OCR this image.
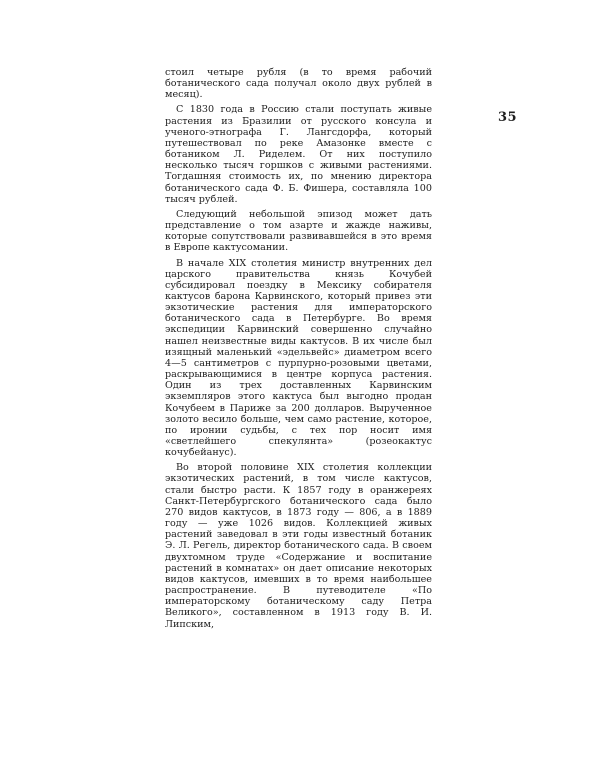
35

стоил четыре рубля (в то время рабочий ботанического сада получал около двух рублей в месяц).

С 1830 года в Россию стали поступать живые растения из Бразилии от русского консула и ученого-этнографа Г. Лангсдорфа, который путешествовал по реке Амазонке вместе с ботаником Л. Риделем. От них поступило несколько тысяч горшков с живыми растениями. Тогдашняя стоимость их, по мнению директора ботанического сада Ф. Б. Фишера, составляла 100 тысяч рублей.

Следующий небольшой эпизод может дать представление о том азарте и жажде наживы, которые сопутствовали развивавшейся в это время в Европе кактусомании.

В начале XIX столетия министр внутренних дел царского правительства князь Кочубей субсидировал поездку в Мексику собирателя кактусов барона Карвинского, который привез эти экзотические растения для императорского ботанического сада в Петербурге. Во время экспедиции Карвинский совершенно случайно нашел неизвестные виды кактусов. В их числе был изящный маленький «эдельвейс» диаметром всего 4—5 сантиметров с пурпурно-розовыми цветами, раскрывающимися в центре корпуса растения. Один из трех доставленных Карвинским экземпляров этого кактуса был выгодно продан Кочубеем в Париже за 200 долларов. Вырученное золото весило больше, чем само растение, которое, по иронии судьбы, с тех пор носит имя «светлейшего спекулянта» (розеокактус кочубейанус).

Во второй половине XIX столетия коллекции экзотических растений, в том числе кактусов, стали быстро расти. К 1857 году в оранжереях Санкт-Петербургского ботанического сада было 270 видов кактусов, в 1873 году — 806, а в 1889 году — уже 1026 видов. Коллекцией живых растений заведовал в эти годы известный ботаник Э. Л. Регель, директор ботанического сада. В своем двухтомном труде «Содержание и воспитание растений в комнатах» он дает описание некоторых видов кактусов, имевших в то время наибольшее распространение. В путеводителе «По императорскому ботаническому саду Петра Великого», составленном в 1913 году В. И. Липским,
